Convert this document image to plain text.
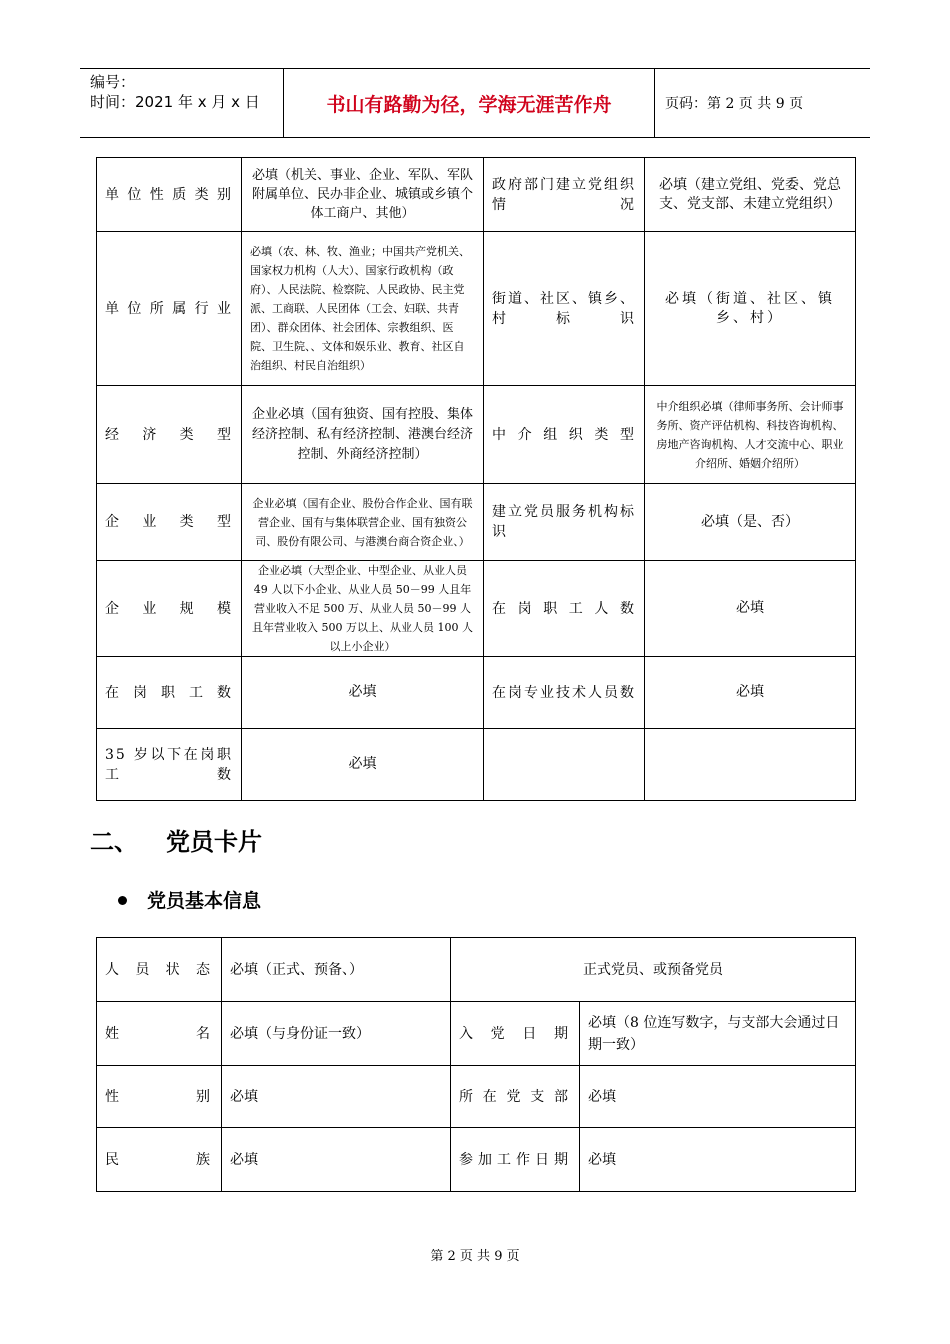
编号：
时间：2021 年 x 月 x 日	书山有路勤为径，学海无涯苦作舟	页码：第 2 页 共 9 页
单位性质类别	必填（机关、事业、企业、军队、军队附属单位、民办非企业、城镇或乡镇个体工商户、其他）	政府部门建立党组织情况	必填（建立党组、党委、党总支、党支部、未建立党组织）
单位所属行业	必填（农、林、牧、渔业；中国共产党机关、国家权力机构（人大）、国家行政机构（政府）、人民法院、检察院、人民政协、民主党派、工商联、人民团体（工会、妇联、共青团）、群众团体、社会团体、宗教组织、医院、卫生院、、文体和娱乐业、教育、社区自治组织、村民自治组织）	街道、社区、镇乡、村标识	必填（街道、社区、镇乡、村）
经济类型	企业必填（国有独资、国有控股、集体经济控制、私有经济控制、港澳台经济控制、外商经济控制）	中介组织类型	中介组织必填（律师事务所、会计师事务所、资产评估机构、科技咨询机构、房地产咨询机构、人才交流中心、职业介绍所、婚姻介绍所）
企业类型	企业必填（国有企业、股份合作企业、国有联营企业、国有与集体联营企业、国有独资公司、股份有限公司、与港澳台商合资企业、）	建立党员服务机构标识	必填（是、否）
企业规模	企业必填（大型企业、中型企业、从业人员 49 人以下小企业、从业人员 50－99 人且年营业收入不足 500 万、从业人员 50－99 人且年营业收入 500 万以上、从业人员 100 人以上小企业）	在岗职工人数	必填
在岗职工数	必填	在岗专业技术人员数	必填
35 岁以下在岗职工数	必填		
二、 党员卡片
党员基本信息
人员状态	必填（正式、预备、）	正式党员、或预备党员	
姓名	必填（与身份证一致）	入党日期	必填（8 位连写数字，与支部大会通过日期一致）
性别	必填	所在党支部	必填
民族	必填	参加工作日期	必填
第 2 页 共 9 页
